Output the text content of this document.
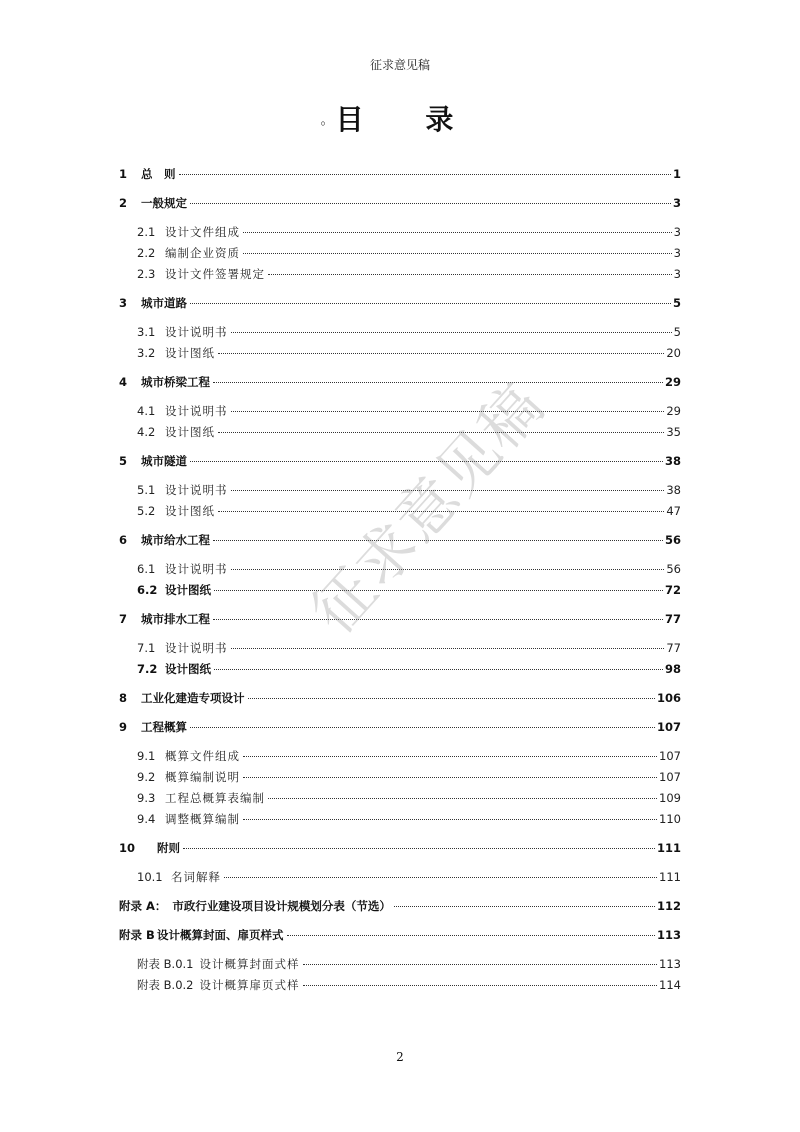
征求意见稿
。目 录
1	总　则	1
2	一般规定	3
2.1 设计文件组成	3
2.2 编制企业资质	3
2.3 设计文件签署规定	3
3	城市道路	5
3.1 设计说明书	5
3.2 设计图纸	20
4	城市桥梁工程	29
4.1 设计说明书	29
4.2 设计图纸	35
5	城市隧道	38
5.1 设计说明书	38
5.2 设计图纸	47
6	城市给水工程	56
6.1 设计说明书	56
6.2 设计图纸	72
7	城市排水工程	77
7.1 设计说明书	77
7.2 设计图纸	98
8	工业化建造专项设计	106
9	工程概算	107
9.1 概算文件组成	107
9.2 概算编制说明	107
9.3 工程总概算表编制	109
9.4 调整概算编制	110
10	附则	111
10.1 名词解释	111
附录 A： 市政行业建设项目设计规模划分表（节选）	112
附录 B 设计概算封面、扉页样式	113
附表 B.0.1 设计概算封面式样	113
附表 B.0.2 设计概算扉页式样	114
征求意见稿
2
